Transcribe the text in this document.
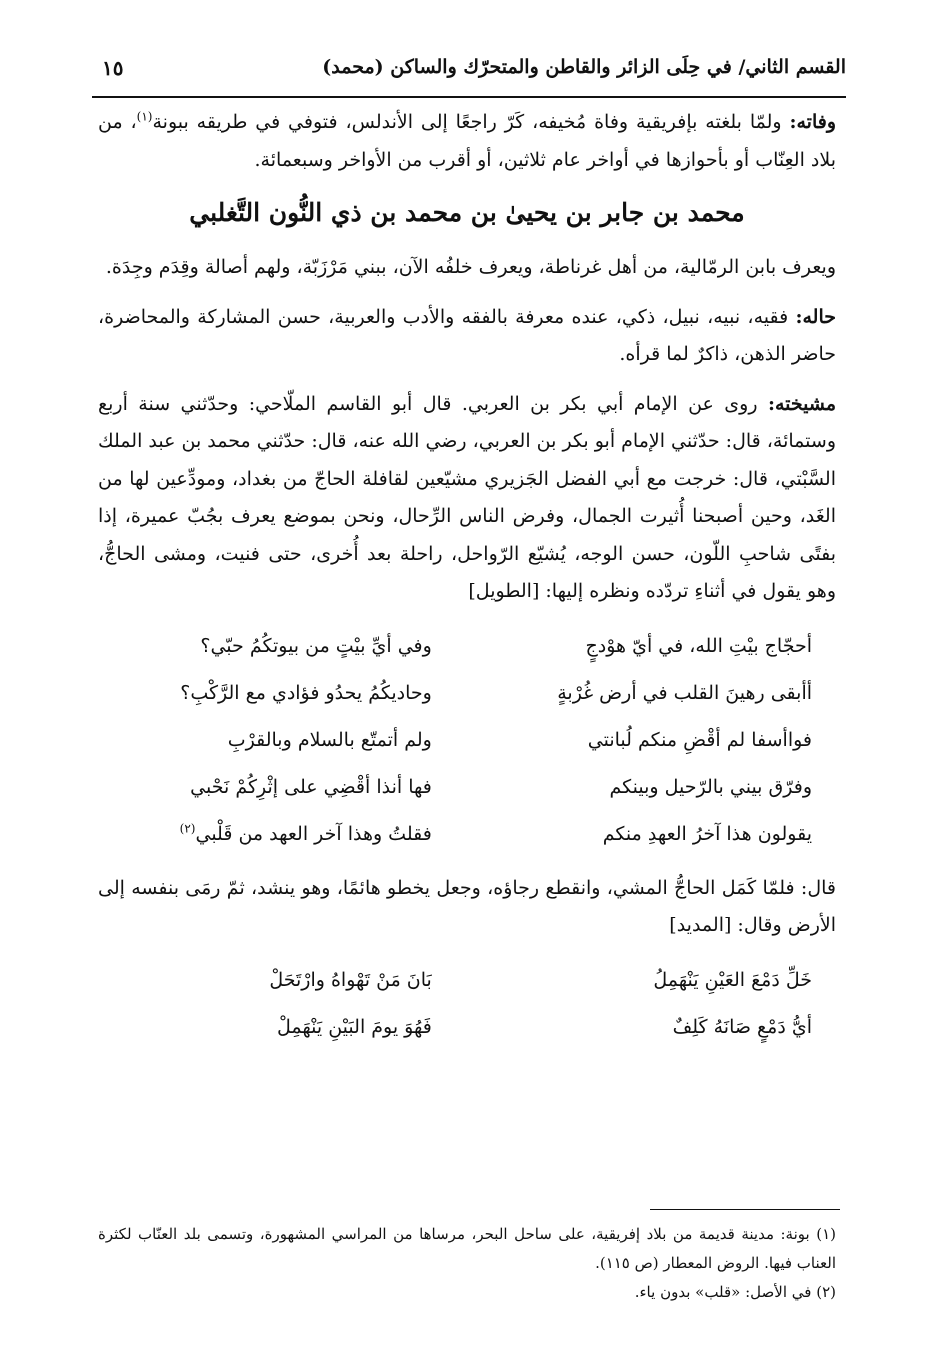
القسم الثاني/ في حِلَى الزائر والقاطن والمتحرّك والساكن (محمد)
١٥

وفاته: ولمّا بلغته بإفريقية وفاة مُخيفه، كَرّ راجعًا إلى الأندلس، فتوفي في طريقه ببونة$^{(١)}$، من بلاد العِنّاب أو بأحوازها في أواخر عام ثلاثين، أو أقرب من الأواخر وسبعمائة.

محمد بن جابر بن يحيىٰ بن محمد بن ذي النُّون التَّغلبي

ويعرف بابن الرمّالية، من أهل غرناطة، ويعرف خلفُه الآن، ببني مَرْزَبّة، ولهم أصالة وقِدَم وجِدَة.

حاله: فقيه، نبيه، نبيل، ذكي، عنده معرفة بالفقه والأدب والعربية، حسن المشاركة والمحاضرة، حاضر الذهن، ذاكرٌ لما قرأه.

مشيخته: روى عن الإمام أبي بكر بن العربي. قال أبو القاسم الملّاحي: وحدّثني سنة أربع وستمائة، قال: حدّثني الإمام أبو بكر بن العربي، رضي الله عنه، قال: حدّثني محمد بن عبد الملك السَّبْتي، قال: خرجت مع أبي الفضل الجَزيري مشيّعين لقافلة الحاجّ من بغداد، ومودِّعين لها من الغَد، وحين أصبحنا أُثيرت الجمال، وفرض الناس الرِّحال، ونحن بموضع يعرف بجُبّ عميرة، إذا بفتًى شاحبِ اللّون، حسن الوجه، يُشيّع الرّواحل، راحلة بعد أُخرى، حتى فنيت، ومشى الحاجُّ، وهو يقول في أثناءِ تردّده ونظره إليها: [الطويل]

أحجّاج بيْتِ الله، في أيّ هوْدجٍ
وفي أيِّ بيْتٍ من بيوتكُمُ حبّي؟
أأبقى رهينَ القلب في أرض غُرْبةٍ
وحاديكُمُ يحدُو فؤادي مع الرَّكْبِ؟
فواأسفا لم أقْضِ منكم لُبانتي
ولم أتمتّع بالسلام وبالقرْبِ
وفرّق بيني بالرّحيل وبينكم
فها أنذا أقْضِي على إثْرِكُمْ نَحْبي
يقولون هذا آخرُ العهدِ منكم
فقلتُ وهذا آخر العهد من قَلْبي$^{(٢)}$

قال: فلمّا كَمَل الحاجُّ المشي، وانقطع رجاؤه، وجعل يخطو هائمًا، وهو ينشد، ثمّ رمَى بنفسه إلى الأرض وقال: [المديد]

خَلِّ دَمْعَ العَيْنِ يَنْهَمِلُ
بَانَ مَنْ تَهْواهُ وارْتَحَلْ
أيُّ دَمْعٍ صَانَهُ كَلِفٌ
فَهُوَ يومَ البَيْنِ يَنْهَمِلْ

(١) بونة: مدينة قديمة من بلاد إفريقية، على ساحل البحر، مرساها من المراسي المشهورة، وتسمى بلد العنّاب لكثرة العناب فيها. الروض المعطار (ص ١١٥).

(٢) في الأصل: «قلب» بدون ياء.
